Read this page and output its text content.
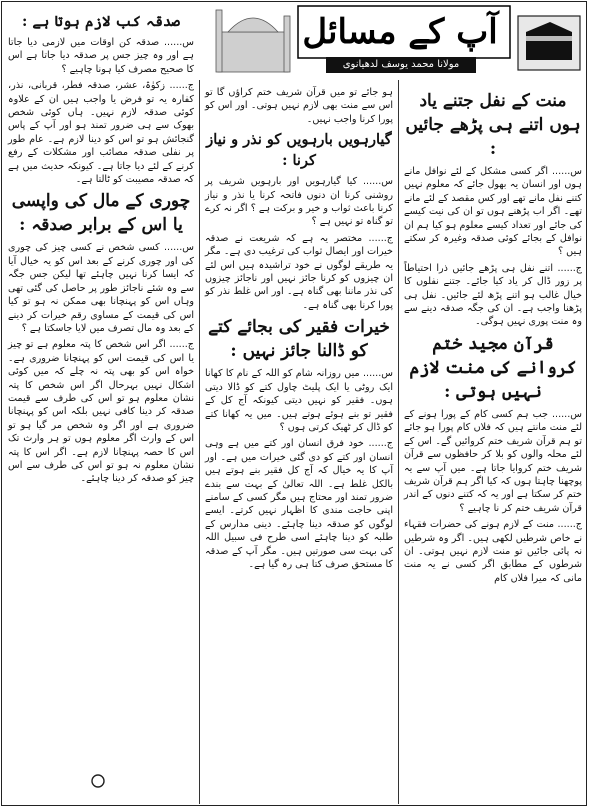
آپ کے مسائل
مولانا محمد یوسف لدھیانوی
صدقہ کب لازم ہوتا ہے :

س...... صدقہ کن اوقات میں لازمی دیا جاتا ہے اور وہ چیز جس پر صدقہ دیا جاتا ہے اس کا صحیح مصرف کیا ہونا چاہیے ؟

ج...... زکوٰۃ، عشر، صدقہ فطر، قربانی، نذر، کفارہ یہ تو فرض یا واجب ہیں ان کے علاوہ کوئی صدقہ لازم نہیں۔ ہاں کوئی شخص بھوک سے ہی ضرور تمند ہو اور آپ کے پاس گنجائش ہو تو اس کو دینا لازم ہے۔ عام طور پر نفلی صدقہ مصائب اور مشکلات کے رفع کرنے کے لئے دیا جاتا ہے۔ کیونکہ حدیث میں ہے کہ صدقہ مصیبت کو ٹالتا ہے۔

چوری کے مال کی واپسی یا اس کے برابر صدقہ :

س...... کسی شخص نے کسی چیز کی چوری کی اور چوری کرنے کے بعد اس کو یہ خیال آیا کہ ایسا کرنا نہیں چاہئے تھا لیکن جس جگہ سے وہ شئے ناجائز طور پر حاصل کی گئی تھی وہاں اس کو پہنچانا بھی ممکن نہ ہو تو کیا اس کی قیمت کے مساوی رقم خیرات کر دینے کے بعد وہ مال تصرف میں لایا جاسکتا ہے ؟

ج...... اگر اس شخص کا پتہ معلوم ہے تو چیز یا اس کی قیمت اس کو پہنچانا ضروری ہے۔ خواہ اس کو بھی پتہ نہ چلے کہ میں کوئی اشکال نہیں بہرحال اگر اس شخص کا پتہ نشان معلوم ہو تو اس کی طرف سے قیمت صدقہ کر دینا کافی نہیں بلکہ اس کو پہنچانا ضروری ہے اور اگر وہ شخص مر گیا ہو تو اس کے وارث اگر معلوم ہوں تو ہر وارث تک اس کا حصہ پہنچانا لازم ہے۔ اگر اس کا پتہ نشان معلوم نہ ہو تو اس کی طرف سے اس چیز کو صدقہ کر دینا چاہئے۔

ہو جائے تو میں قرآن شریف ختم کراؤں گا تو اس سے منت بھی لازم نہیں ہوتی۔ اور اس کو پورا کرنا واجب نہیں۔

گیارہویں بارہویں کو نذر و نیاز کرنا :

س...... کیا گیارہویں اور بارہویں شریف پر روشنی کرنا ان دنوں فاتحہ کرنا یا نذر و نیاز کرنا باعث ثواب و خیر و برکت ہے ؟ اگر نہ کرے تو گناہ تو نہیں ہے ؟

ج...... مختصر یہ ہے کہ شریعت نے صدقہ خیرات اور ایصال ثواب کی ترغیب دی ہے۔ مگر یہ طریقے لوگوں نے خود تراشیدہ ہیں اس لئے ان چیزوں کو کرنا جائز نہیں اور ناجائز چیزوں کی نذر ماننا بھی گناہ ہے۔ اور اس غلط نذر کو پورا کرنا بھی گناہ ہے۔

خیرات فقیر کی بجائے کتے کو ڈالنا جائز نہیں :

س...... میں روزانہ شام کو اللہ کے نام کا کھانا ایک روٹی یا ایک پلیٹ چاول کتے کو ڈالا دیتی ہوں۔ فقیر کو نہیں دیتی کیونکہ آج کل کے فقیر تو بنے ہوئے ہوتے ہیں۔ میں یہ کھانا کتے کو ڈال کر ٹھیک کرتی ہوں ؟

ج...... خود فرق انسان اور کتے میں ہے وہی انسان اور کتے کو دی گئی خیرات میں ہے۔ اور آپ کا یہ خیال کہ آج کل فقیر بنے ہوتے ہیں بالکل غلط ہے۔ اللہ تعالیٰ کے بہت سے بندے ضرور تمند اور محتاج ہیں مگر کسی کے سامنے اپنی حاجت مندی کا اظہار نہیں کرتے۔ ایسے لوگوں کو صدقہ دینا چاہئے۔ دینی مدارس کے طلبہ کو دینا چاہئے اسی طرح فی سبیل اللہ کی بہت سی صورتیں ہیں۔ مگر آپ کے صدقہ کا مستحق صرف کتا ہی رہ گیا ہے۔

منت کے نفل جتنے یاد ہوں اتنے ہی پڑھے جائیں :

س...... اگر کسی مشکل کے لئے نوافل مانے ہوں اور انسان یہ بھول جائے کہ معلوم نہیں کتنے نفل مانے تھے اور کس مقصد کے لئے مانے تھے۔ اگر اب پڑھنے ہوں تو ان کی نیت کیسے کی جائے اور تعداد کیسے معلوم ہو کیا ہم ان نوافل کے بجائے کوئی صدقہ وغیرہ کر سکتے ہیں ؟

ج...... اتنے نفل ہی پڑھے جائیں ذرا احتیاطاً پر زور ڈال کر یاد کیا جائے۔ جتنے نفلوں کا خیال غالب ہو اتنے پڑھ لئے جائیں۔ نفل ہی پڑھنا واجب ہے۔ ان کی جگہ صدقہ دینے سے وہ منت پوری نہیں ہوگی۔

قرآن مجید ختم کروانے کی منت لازم نہیں ہوتی :

س...... جب ہم کسی کام کے پورا ہونے کے لئے منت مانتے ہیں کہ فلاں کام پورا ہو جائے تو ہم قرآن شریف ختم کروائیں گے۔ اس کے لئے محلہ والوں کو بلا کر حافظوں سے قرآن شریف ختم کروایا جاتا ہے۔ میں آپ سے یہ پوچھنا چاہتا ہوں کہ کیا اگر ہم قرآن شریف ختم کر سکتا ہے اور یہ کہ کتنے دنوں کے اندر قرآن شریف ختم کر نا چاہیے ؟

ج...... منت کے لازم ہونے کی حضرات فقہاء نے خاص شرطیں لکھی ہیں۔ اگر وہ شرطیں نہ پائی جائیں تو منت لازم نہیں ہوتی۔ ان شرطوں کے مطابق اگر کسی نے یہ منت مانی کہ میرا فلاں کام
